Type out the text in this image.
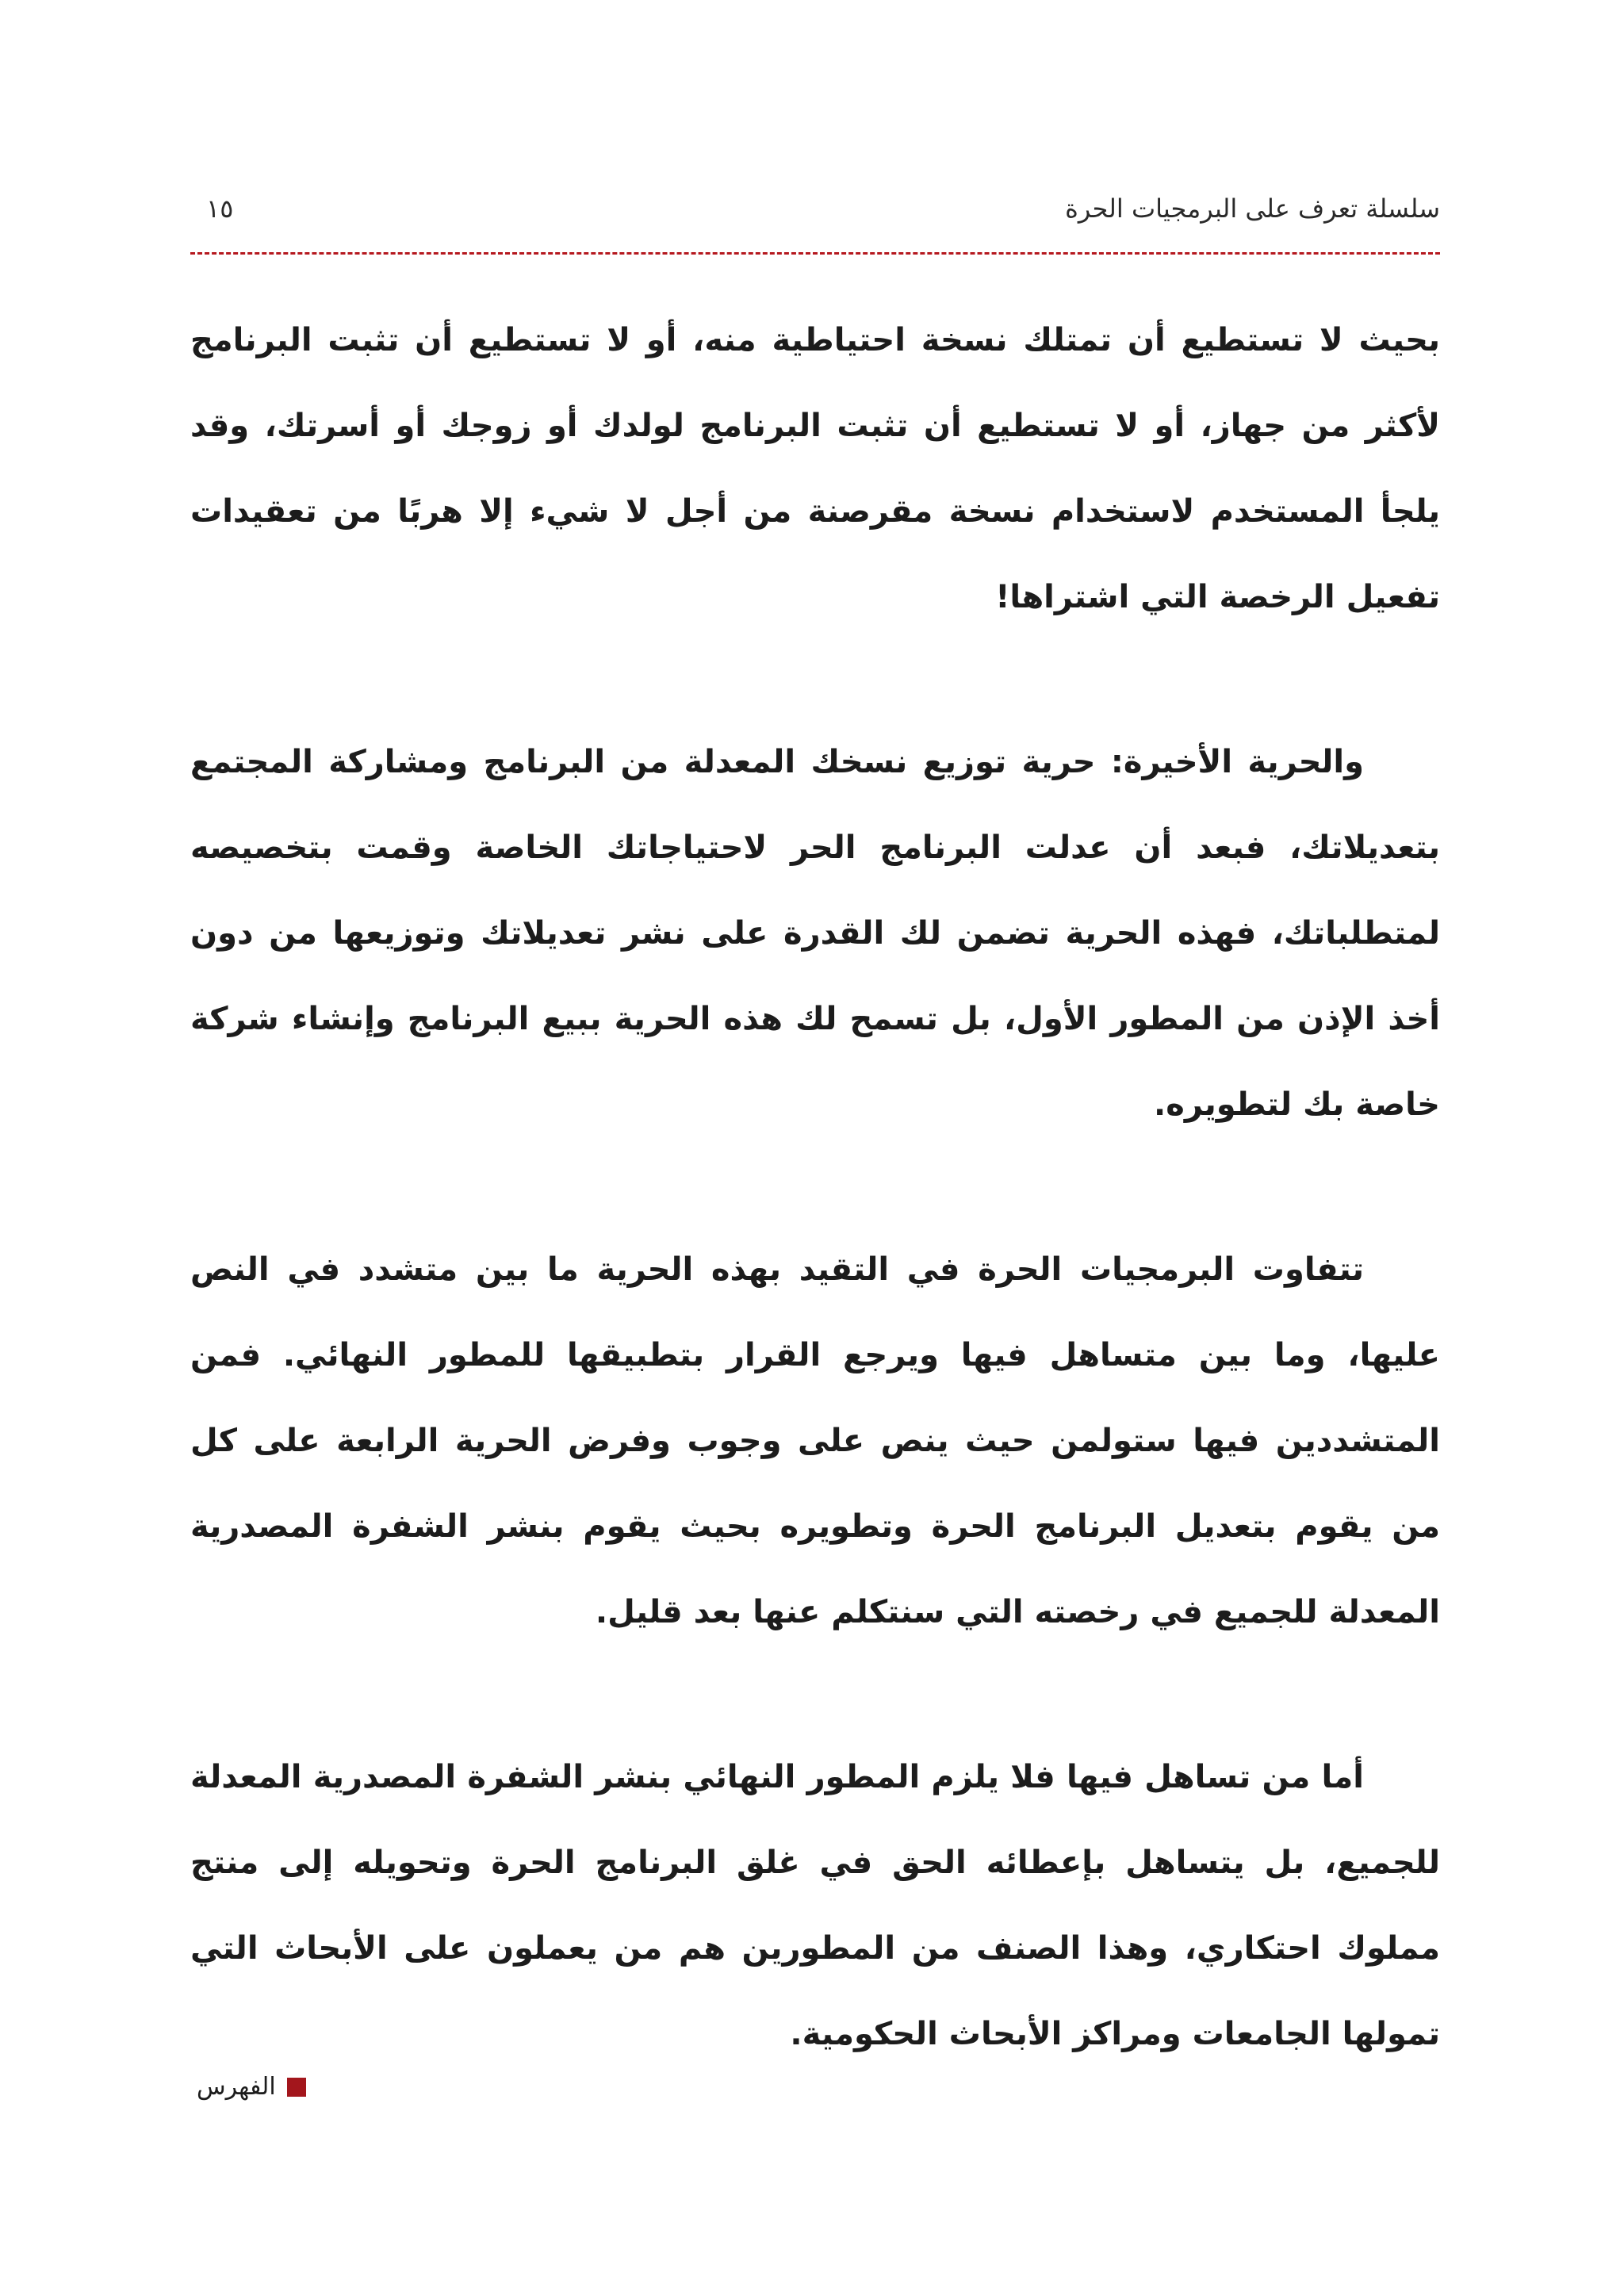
سلسلة تعرف على البرمجيات الحرة
١٥

بحيث لا تستطيع أن تمتلك نسخة احتياطية منه، أو لا تستطيع أن تثبت البرنامج لأكثر من جهاز، أو لا تستطيع أن تثبت البرنامج لولدك أو زوجك أو أسرتك، وقد يلجأ المستخدم لاستخدام نسخة مقرصنة من أجل لا شيء إلا هربًا من تعقيدات تفعيل الرخصة التي اشتراها!

والحرية الأخيرة: حرية توزيع نسخك المعدلة من البرنامج ومشاركة المجتمع بتعديلاتك، فبعد أن عدلت البرنامج الحر لاحتياجاتك الخاصة وقمت بتخصيصه لمتطلباتك، فهذه الحرية تضمن لك القدرة على نشر تعديلاتك وتوزيعها من دون أخذ الإذن من المطور الأول، بل تسمح لك هذه الحرية ببيع البرنامج وإنشاء شركة خاصة بك لتطويره.

تتفاوت البرمجيات الحرة في التقيد بهذه الحرية ما بين متشدد في النص عليها، وما بين متساهل فيها ويرجع القرار بتطبيقها للمطور النهائي. فمن المتشددين فيها ستولمن حيث ينص على وجوب وفرض الحرية الرابعة على كل من يقوم بتعديل البرنامج الحرة وتطويره بحيث يقوم بنشر الشفرة المصدرية المعدلة للجميع في رخصته التي سنتكلم عنها بعد قليل.

أما من تساهل فيها فلا يلزم المطور النهائي بنشر الشفرة المصدرية المعدلة للجميع، بل يتساهل بإعطائه الحق في غلق البرنامج الحرة وتحويله إلى منتج مملوك احتكاري، وهذا الصنف من المطورين هم من يعملون على الأبحاث التي تمولها الجامعات ومراكز الأبحاث الحكومية.

الفهرس
